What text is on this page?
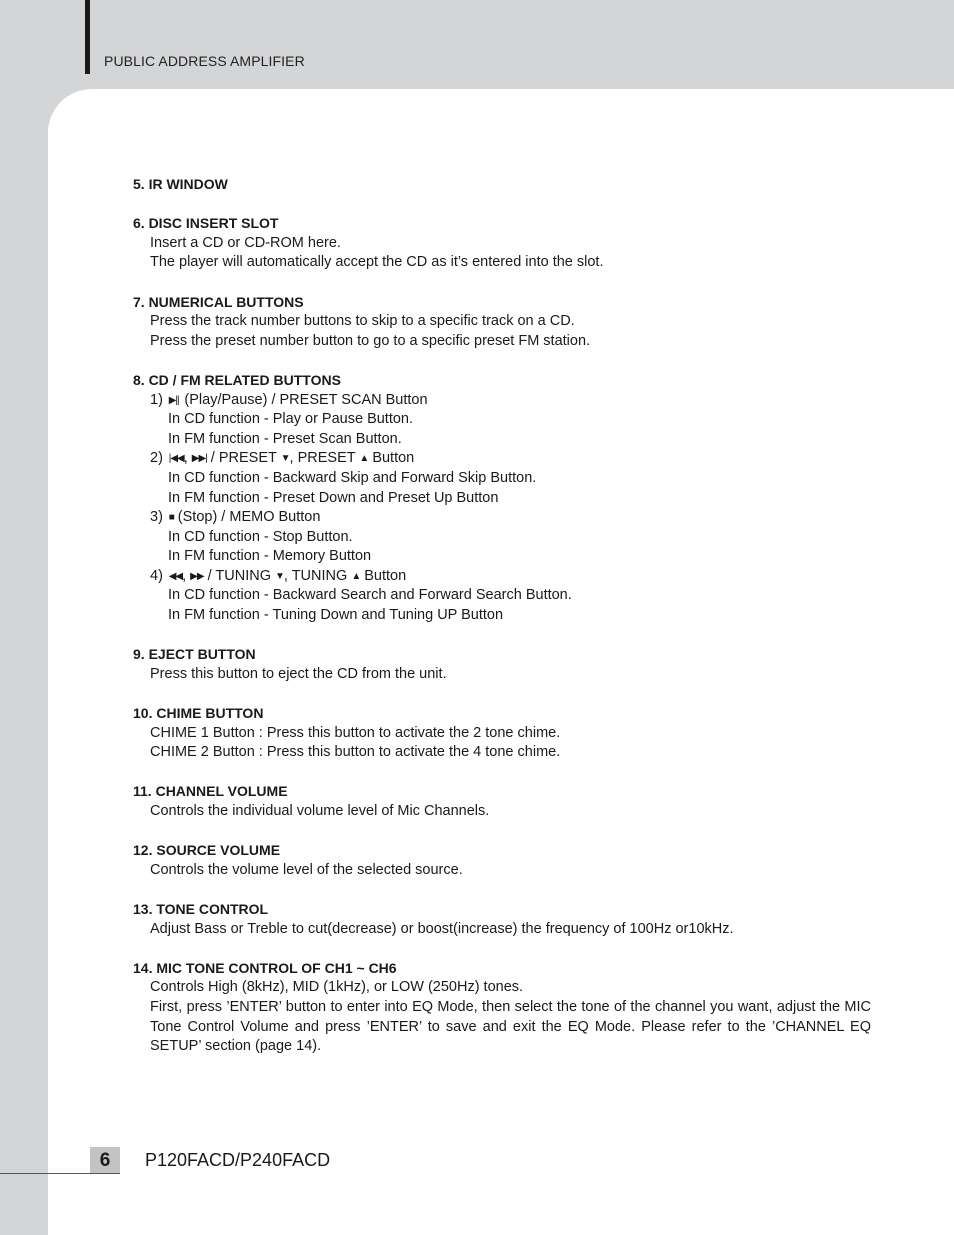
PUBLIC ADDRESS AMPLIFIER
5. IR WINDOW
6. DISC INSERT SLOT
Insert a CD or CD-ROM here.
The player will automatically accept the CD as it’s entered into the slot.
7. NUMERICAL BUTTONS
Press the track number buttons to skip to a specific track on a CD.
Press the preset number button to go to a specific preset FM station.
8. CD / FM RELATED BUTTONS
1)  ▶||  (Play/Pause) / PRESET SCAN Button
In CD function - Play or Pause Button.
In FM function - Preset Scan Button.
2)  |◀◀, ▶▶| / PRESET ▼, PRESET ▲ Button
In CD function - Backward Skip and Forward Skip Button.
In FM function - Preset Down and Preset Up Button
3)  ■ (Stop) / MEMO Button
In CD function - Stop Button.
In FM function - Memory Button
4)  ◀◀, ▶▶ / TUNING ▼, TUNING ▲ Button
In CD function - Backward Search and Forward Search Button.
In FM function - Tuning Down and Tuning UP Button
9. EJECT BUTTON
Press this button to eject the CD from the unit.
10. CHIME BUTTON
CHIME 1 Button : Press this button to activate the 2 tone chime.
CHIME 2 Button : Press this button to activate the 4 tone chime.
11. CHANNEL VOLUME
Controls the individual volume level of Mic Channels.
12. SOURCE VOLUME
Controls the volume level of the selected source.
13. TONE CONTROL
Adjust Bass or Treble to cut(decrease) or boost(increase) the frequency of 100Hz or10kHz.
14. MIC TONE CONTROL OF CH1 ~ CH6
Controls High (8kHz), MID (1kHz), or LOW (250Hz) tones.
First, press ’ENTER’ button to enter into EQ Mode, then select the tone of the channel you want, adjust the MIC Tone Control Volume and press ’ENTER’ to save and exit the EQ Mode. Please refer to the ’CHANNEL EQ SETUP’ section (page 14).
6	P120FACD/P240FACD
